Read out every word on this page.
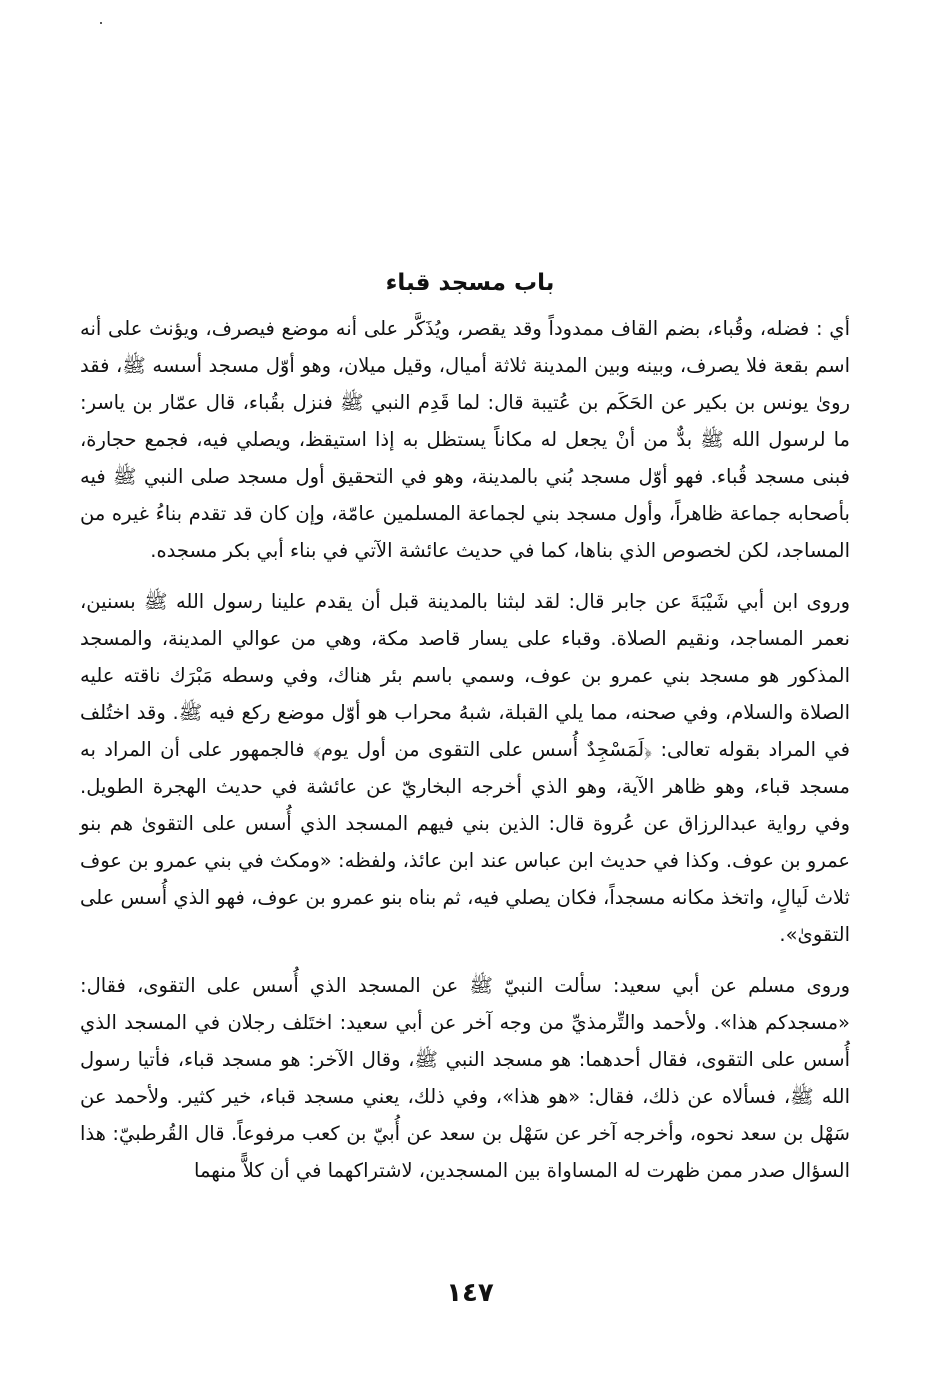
باب مسجد قباء

أي : فضله، وقُباء، بضم القاف ممدوداً وقد يقصر، ويُذَكَّر على أنه موضع فيصرف، ويؤنث على أنه اسم بقعة فلا يصرف، وبينه وبين المدينة ثلاثة أميال، وقيل ميلان، وهو أوّل مسجد أسسه ﷺ، فقد روىٰ يونس بن بكير عن الحَكَم بن عُتيبة قال: لما قَدِم النبي ﷺ فنزل بقُباء، قال عمّار بن ياسر: ما لرسول الله ﷺ بدٌّ من أنْ يجعل له مكاناً يستظل به إذا استيقظ، ويصلي فيه، فجمع حجارة، فبنى مسجد قُباء. فهو أوّل مسجد بُني بالمدينة، وهو في التحقيق أول مسجد صلى النبي ﷺ فيه بأصحابه جماعة ظاهراً، وأول مسجد بني لجماعة المسلمين عامّة، وإن كان قد تقدم بناءُ غيره من المساجد، لكن لخصوص الذي بناها، كما في حديث عائشة الآتي في بناء أبي بكر مسجده.

وروى ابن أبي شَيْبَةَ عن جابر قال: لقد لبثنا بالمدينة قبل أن يقدم علينا رسول الله ﷺ بسنين، نعمر المساجد، ونقيم الصلاة. وقباء على يسار قاصد مكة، وهي من عوالي المدينة، والمسجد المذكور هو مسجد بني عمرو بن عوف، وسمي باسم بئر هناك، وفي وسطه مَبْرَك ناقته عليه الصلاة والسلام، وفي صحنه، مما يلي القبلة، شبهُ محراب هو أوّل موضع ركع فيه ﷺ. وقد اختُلف في المراد بقوله تعالى: ﴿لَمَسْجِدٌ أُسس على التقوى من أول يوم﴾ فالجمهور على أن المراد به مسجد قباء، وهو ظاهر الآية، وهو الذي أخرجه البخاريّ عن عائشة في حديث الهجرة الطويل. وفي رواية عبدالرزاق عن عُروة قال: الذين بني فيهم المسجد الذي أُسس على التقوىٰ هم بنو عمرو بن عوف. وكذا في حديث ابن عباس عند ابن عائذ، ولفظه: «ومكث في بني عمرو بن عوف ثلاث لَيالٍ، واتخذ مكانه مسجداً، فكان يصلي فيه، ثم بناه بنو عمرو بن عوف، فهو الذي أُسس على التقوىٰ».

وروى مسلم عن أبي سعيد: سألت النبيّ ﷺ عن المسجد الذي أُسس على التقوى، فقال: «مسجدكم هذا». ولأحمد والتِّرمذيِّ من وجه آخر عن أبي سعيد: اختَلف رجلان في المسجد الذي أُسس على التقوى، فقال أحدهما: هو مسجد النبي ﷺ، وقال الآخر: هو مسجد قباء، فأتيا رسول الله ﷺ، فسألاه عن ذلك، فقال: «هو هذا»، وفي ذلك، يعني مسجد قباء، خير كثير. ولأحمد عن سَهْل بن سعد نحوه، وأخرجه آخر عن سَهْل بن سعد عن أُبيّ بن كعب مرفوعاً. قال القُرطبيّ: هذا السؤال صدر ممن ظهرت له المساواة بين المسجدين، لاشتراكهما في أن كلاًّ منهما

١٤٧
